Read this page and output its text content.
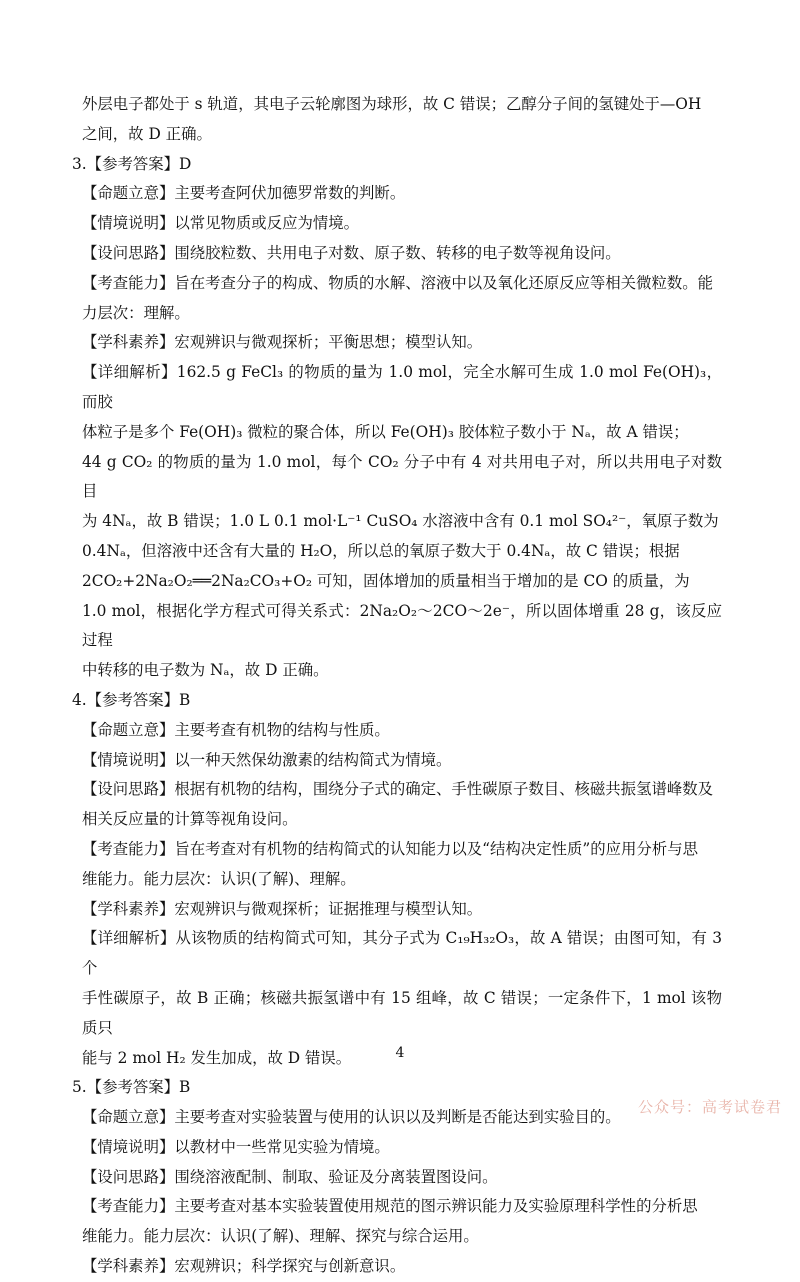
外层电子都处于 s 轨道，其电子云轮廓图为球形，故 C 错误；乙醇分子间的氢键处于—OH

之间，故 D 正确。

3.【参考答案】D

【命题立意】主要考查阿伏加德罗常数的判断。

【情境说明】以常见物质或反应为情境。

【设问思路】围绕胶粒数、共用电子对数、原子数、转移的电子数等视角设问。

【考查能力】旨在考查分子的构成、物质的水解、溶液中以及氧化还原反应等相关微粒数。能

力层次：理解。

【学科素养】宏观辨识与微观探析；平衡思想；模型认知。

【详细解析】162.5 g FeCl₃ 的物质的量为 1.0 mol，完全水解可生成 1.0 mol Fe(OH)₃，而胶

体粒子是多个 Fe(OH)₃ 微粒的聚合体，所以 Fe(OH)₃ 胶体粒子数小于 Nₐ，故 A 错误；

44 g CO₂ 的物质的量为 1.0 mol，每个 CO₂ 分子中有 4 对共用电子对，所以共用电子对数目

为 4Nₐ，故 B 错误；1.0 L 0.1 mol·L⁻¹ CuSO₄ 水溶液中含有 0.1 mol SO₄²⁻，氧原子数为

0.4Nₐ，但溶液中还含有大量的 H₂O，所以总的氧原子数大于 0.4Nₐ，故 C 错误；根据

2CO₂+2Na₂O₂══2Na₂CO₃+O₂ 可知，固体增加的质量相当于增加的是 CO 的质量，为

1.0 mol，根据化学方程式可得关系式：2Na₂O₂～2CO～2e⁻，所以固体增重 28 g，该反应过程

中转移的电子数为 Nₐ，故 D 正确。

4.【参考答案】B

【命题立意】主要考查有机物的结构与性质。

【情境说明】以一种天然保幼激素的结构简式为情境。

【设问思路】根据有机物的结构，围绕分子式的确定、手性碳原子数目、核磁共振氢谱峰数及

相关反应量的计算等视角设问。

【考查能力】旨在考查对有机物的结构简式的认知能力以及“结构决定性质”的应用分析与思

维能力。能力层次：认识(了解)、理解。

【学科素养】宏观辨识与微观探析；证据推理与模型认知。

【详细解析】从该物质的结构简式可知，其分子式为 C₁₉H₃₂O₃，故 A 错误；由图可知，有 3 个

手性碳原子，故 B 正确；核磁共振氢谱中有 15 组峰，故 C 错误；一定条件下，1 mol 该物质只

能与 2 mol H₂ 发生加成，故 D 错误。

5.【参考答案】B

【命题立意】主要考查对实验装置与使用的认识以及判断是否能达到实验目的。

【情境说明】以教材中一些常见实验为情境。

【设问思路】围绕溶液配制、制取、验证及分离装置图设问。

【考查能力】主要考查对基本实验装置使用规范的图示辨识能力及实验原理科学性的分析思

维能力。能力层次：认识(了解)、理解、探究与综合运用。

【学科素养】宏观辨识；科学探究与创新意识。

4
公众号：高考试卷君
